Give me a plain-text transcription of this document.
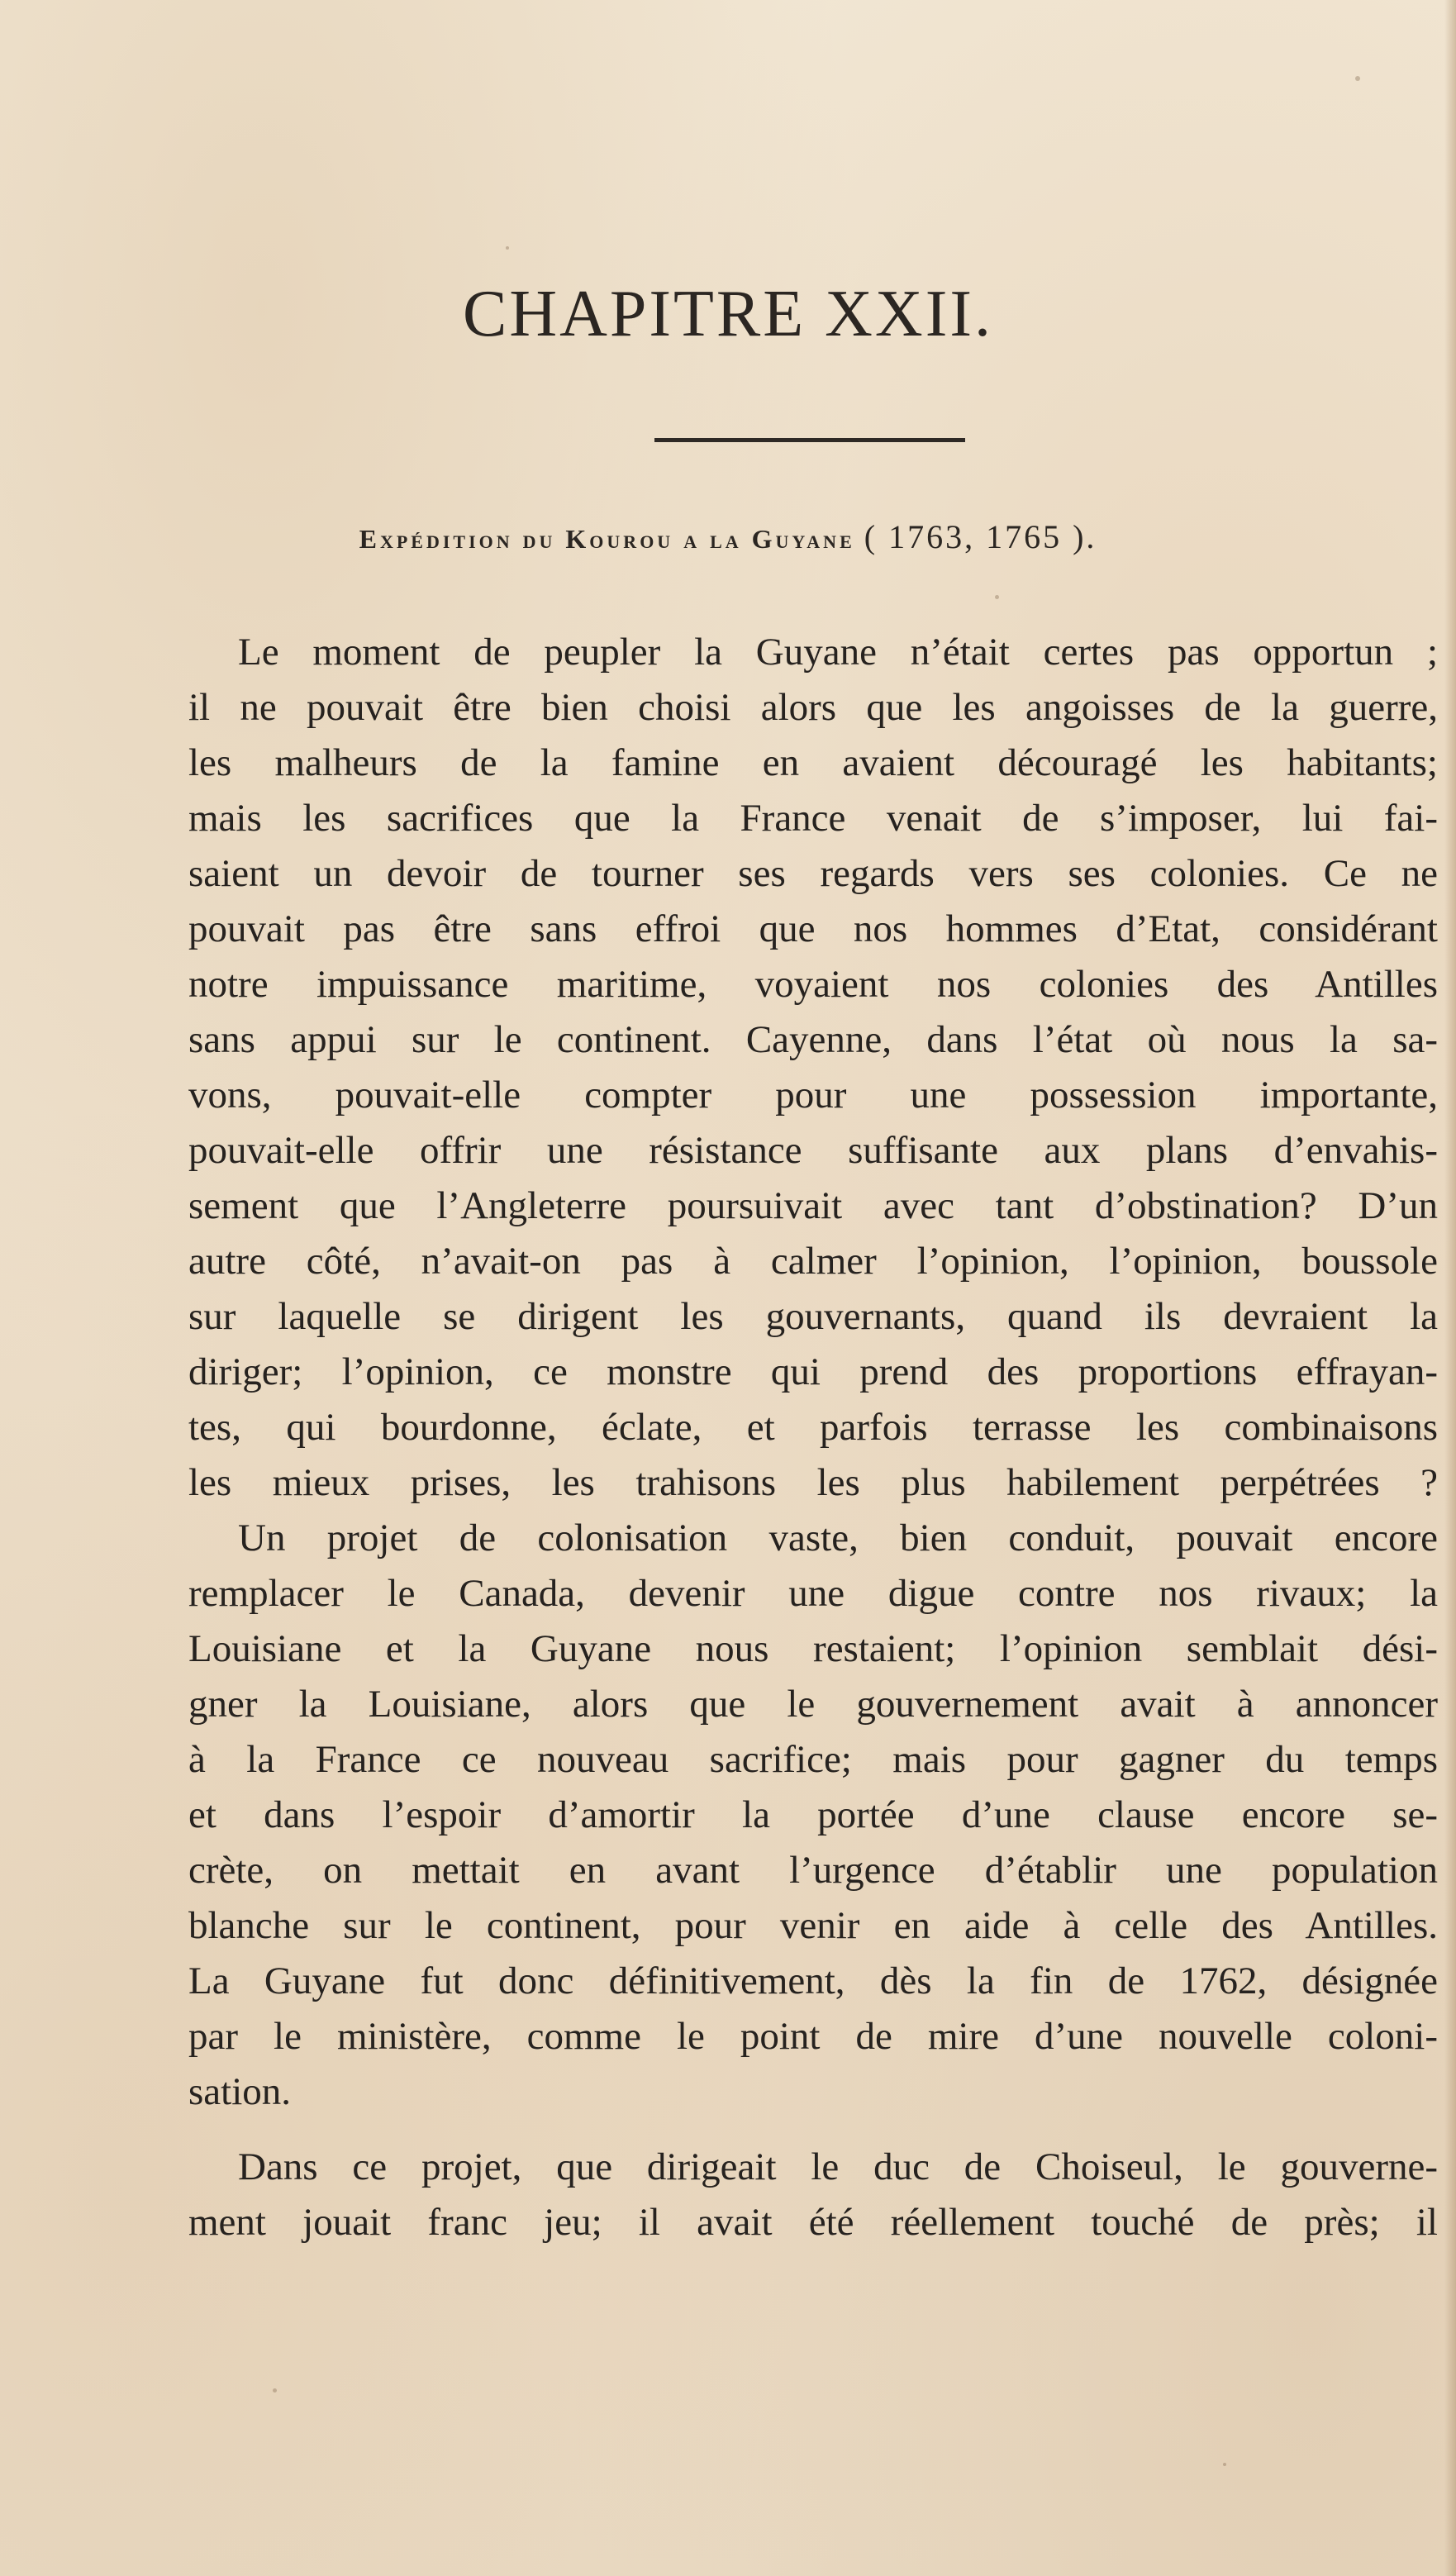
CHAPITRE XXII.
Expédition du Kourou a la Guyane ( 1763, 1765 ).
Le moment de peupler la Guyane n’était certes pas opportun ;
il ne pouvait être bien choisi alors que les angoisses de la guerre,
les malheurs de la famine en avaient découragé les habitants;
mais les sacrifices que la France venait de s’imposer, lui fai-
saient un devoir de tourner ses regards vers ses colonies. Ce ne
pouvait pas être sans effroi que nos hommes d’Etat, considérant
notre impuissance maritime, voyaient nos colonies des Antilles
sans appui sur le continent. Cayenne, dans l’état où nous la sa-
vons, pouvait-elle compter pour une possession importante,
pouvait-elle offrir une résistance suffisante aux plans d’envahis-
sement que l’Angleterre poursuivait avec tant d’obstination? D’un
autre côté, n’avait-on pas à calmer l’opinion, l’opinion, boussole
sur laquelle se dirigent les gouvernants, quand ils devraient la
diriger; l’opinion, ce monstre qui prend des proportions effrayan-
tes, qui bourdonne, éclate, et parfois terrasse les combinaisons
les mieux prises, les trahisons les plus habilement perpétrées ?
Un projet de colonisation vaste, bien conduit, pouvait encore
remplacer le Canada, devenir une digue contre nos rivaux; la
Louisiane et la Guyane nous restaient; l’opinion semblait dési-
gner la Louisiane, alors que le gouvernement avait à annoncer
à la France ce nouveau sacrifice; mais pour gagner du temps
et dans l’espoir d’amortir la portée d’une clause encore se-
crète, on mettait en avant l’urgence d’établir une population
blanche sur le continent, pour venir en aide à celle des Antilles.
La Guyane fut donc définitivement, dès la fin de 1762, désignée
par le ministère, comme le point de mire d’une nouvelle coloni-
sation.
Dans ce projet, que dirigeait le duc de Choiseul, le gouverne-
ment jouait franc jeu; il avait été réellement touché de près; il
